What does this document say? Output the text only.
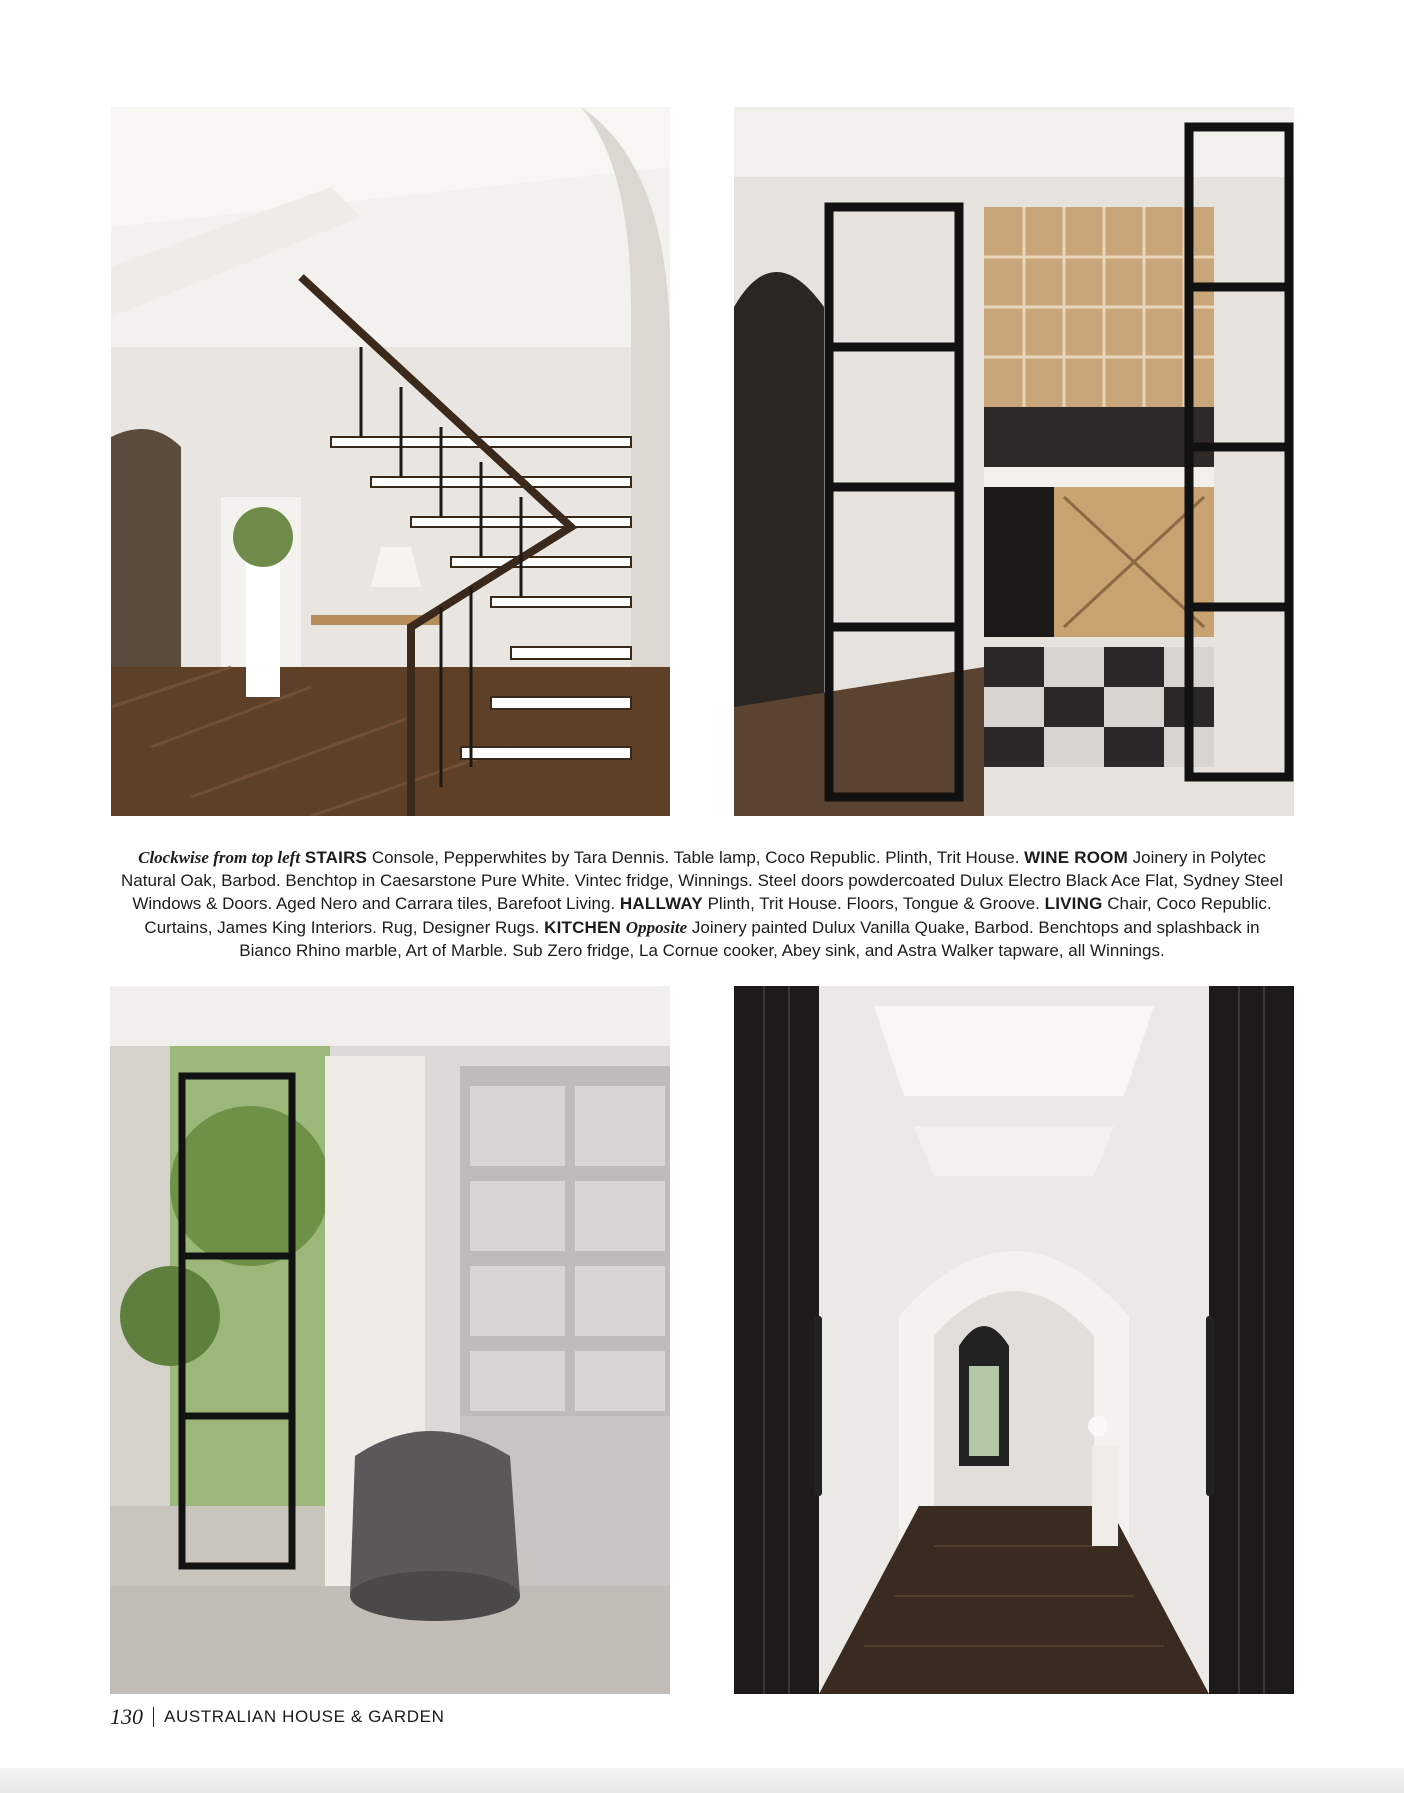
Clockwise from top left STAIRS Console, Pepperwhites by Tara Dennis. Table lamp, Coco Republic. Plinth, Trit House. WINE ROOM Joinery in Polytec Natural Oak, Barbod. Benchtop in Caesarstone Pure White. Vintec fridge, Winnings. Steel doors powdercoated Dulux Electro Black Ace Flat, Sydney Steel Windows & Doors. Aged Nero and Carrara tiles, Barefoot Living. HALLWAY Plinth, Trit House. Floors, Tongue & Groove. LIVING Chair, Coco Republic. Curtains, James King Interiors. Rug, Designer Rugs. KITCHEN Opposite Joinery painted Dulux Vanilla Quake, Barbod. Benchtops and splashback in Bianco Rhino marble, Art of Marble. Sub Zero fridge, La Cornue cooker, Abey sink, and Astra Walker tapware, all Winnings.
130 AUSTRALIAN HOUSE & GARDEN
